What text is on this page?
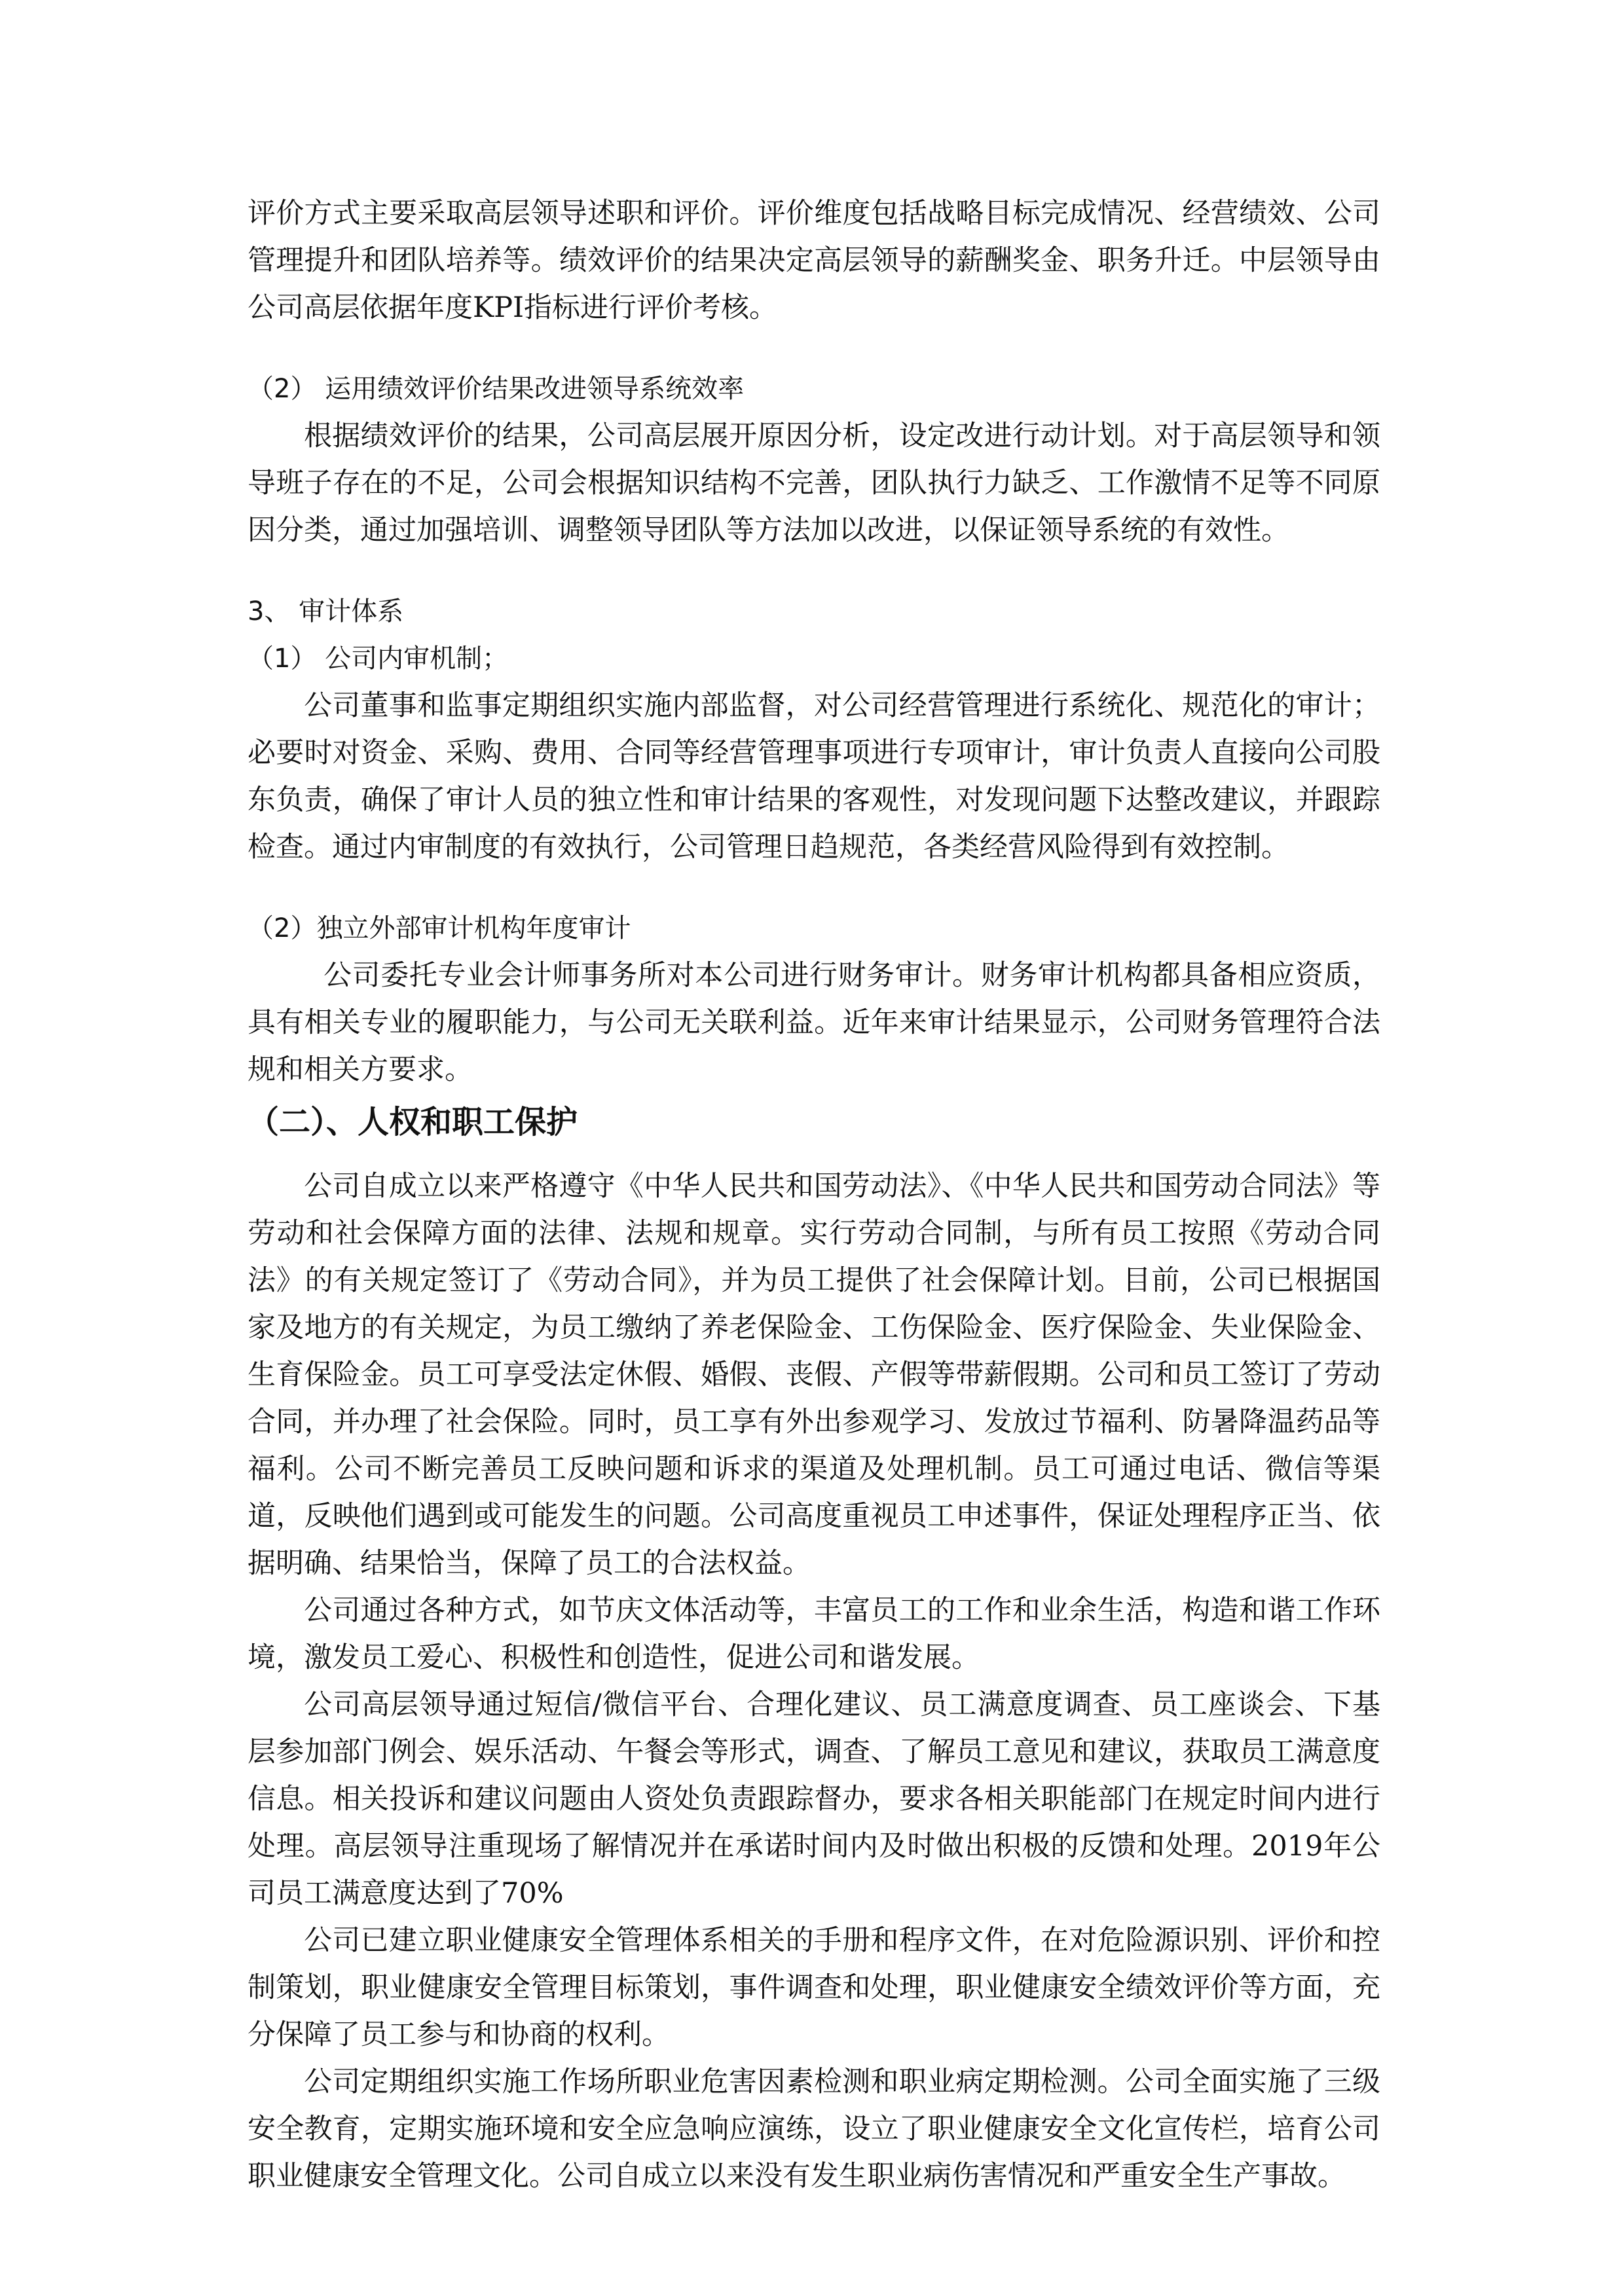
评价方式主要采取高层领导述职和评价。评价维度包括战略目标完成情况、经营绩效、公司管理提升和团队培养等。绩效评价的结果决定高层领导的薪酬奖金、职务升迁。中层领导由公司高层依据年度KPI指标进行评价考核。

（2） 运用绩效评价结果改进领导系统效率

根据绩效评价的结果，公司高层展开原因分析，设定改进行动计划。对于高层领导和领导班子存在的不足，公司会根据知识结构不完善，团队执行力缺乏、工作激情不足等不同原因分类，通过加强培训、调整领导团队等方法加以改进，以保证领导系统的有效性。

3、 审计体系

（1） 公司内审机制；

公司董事和监事定期组织实施内部监督，对公司经营管理进行系统化、规范化的审计；必要时对资金、采购、费用、合同等经营管理事项进行专项审计，审计负责人直接向公司股东负责，确保了审计人员的独立性和审计结果的客观性，对发现问题下达整改建议，并跟踪检查。通过内审制度的有效执行，公司管理日趋规范，各类经营风险得到有效控制。

（2）独立外部审计机构年度审计

公司委托专业会计师事务所对本公司进行财务审计。财务审计机构都具备相应资质，具有相关专业的履职能力，与公司无关联利益。近年来审计结果显示，公司财务管理符合法规和相关方要求。

（二）、人权和职工保护

公司自成立以来严格遵守《中华人民共和国劳动法》、《中华人民共和国劳动合同法》等劳动和社会保障方面的法律、法规和规章。实行劳动合同制，与所有员工按照《劳动合同法》的有关规定签订了《劳动合同》，并为员工提供了社会保障计划。目前，公司已根据国家及地方的有关规定，为员工缴纳了养老保险金、工伤保险金、医疗保险金、失业保险金、生育保险金。员工可享受法定休假、婚假、丧假、产假等带薪假期。公司和员工签订了劳动合同，并办理了社会保险。同时，员工享有外出参观学习、发放过节福利、防暑降温药品等福利。公司不断完善员工反映问题和诉求的渠道及处理机制。员工可通过电话、微信等渠道，反映他们遇到或可能发生的问题。公司高度重视员工申述事件，保证处理程序正当、依据明确、结果恰当，保障了员工的合法权益。

公司通过各种方式，如节庆文体活动等，丰富员工的工作和业余生活，构造和谐工作环境，激发员工爱心、积极性和创造性，促进公司和谐发展。

公司高层领导通过短信/微信平台、合理化建议、员工满意度调查、员工座谈会、下基层参加部门例会、娱乐活动、午餐会等形式，调查、了解员工意见和建议，获取员工满意度信息。相关投诉和建议问题由人资处负责跟踪督办，要求各相关职能部门在规定时间内进行处理。高层领导注重现场了解情况并在承诺时间内及时做出积极的反馈和处理。2019年公司员工满意度达到了70%

公司已建立职业健康安全管理体系相关的手册和程序文件，在对危险源识别、评价和控制策划，职业健康安全管理目标策划，事件调查和处理，职业健康安全绩效评价等方面，充分保障了员工参与和协商的权利。

公司定期组织实施工作场所职业危害因素检测和职业病定期检测。公司全面实施了三级安全教育，定期实施环境和安全应急响应演练，设立了职业健康安全文化宣传栏，培育公司职业健康安全管理文化。公司自成立以来没有发生职业病伤害情况和严重安全生产事故。
